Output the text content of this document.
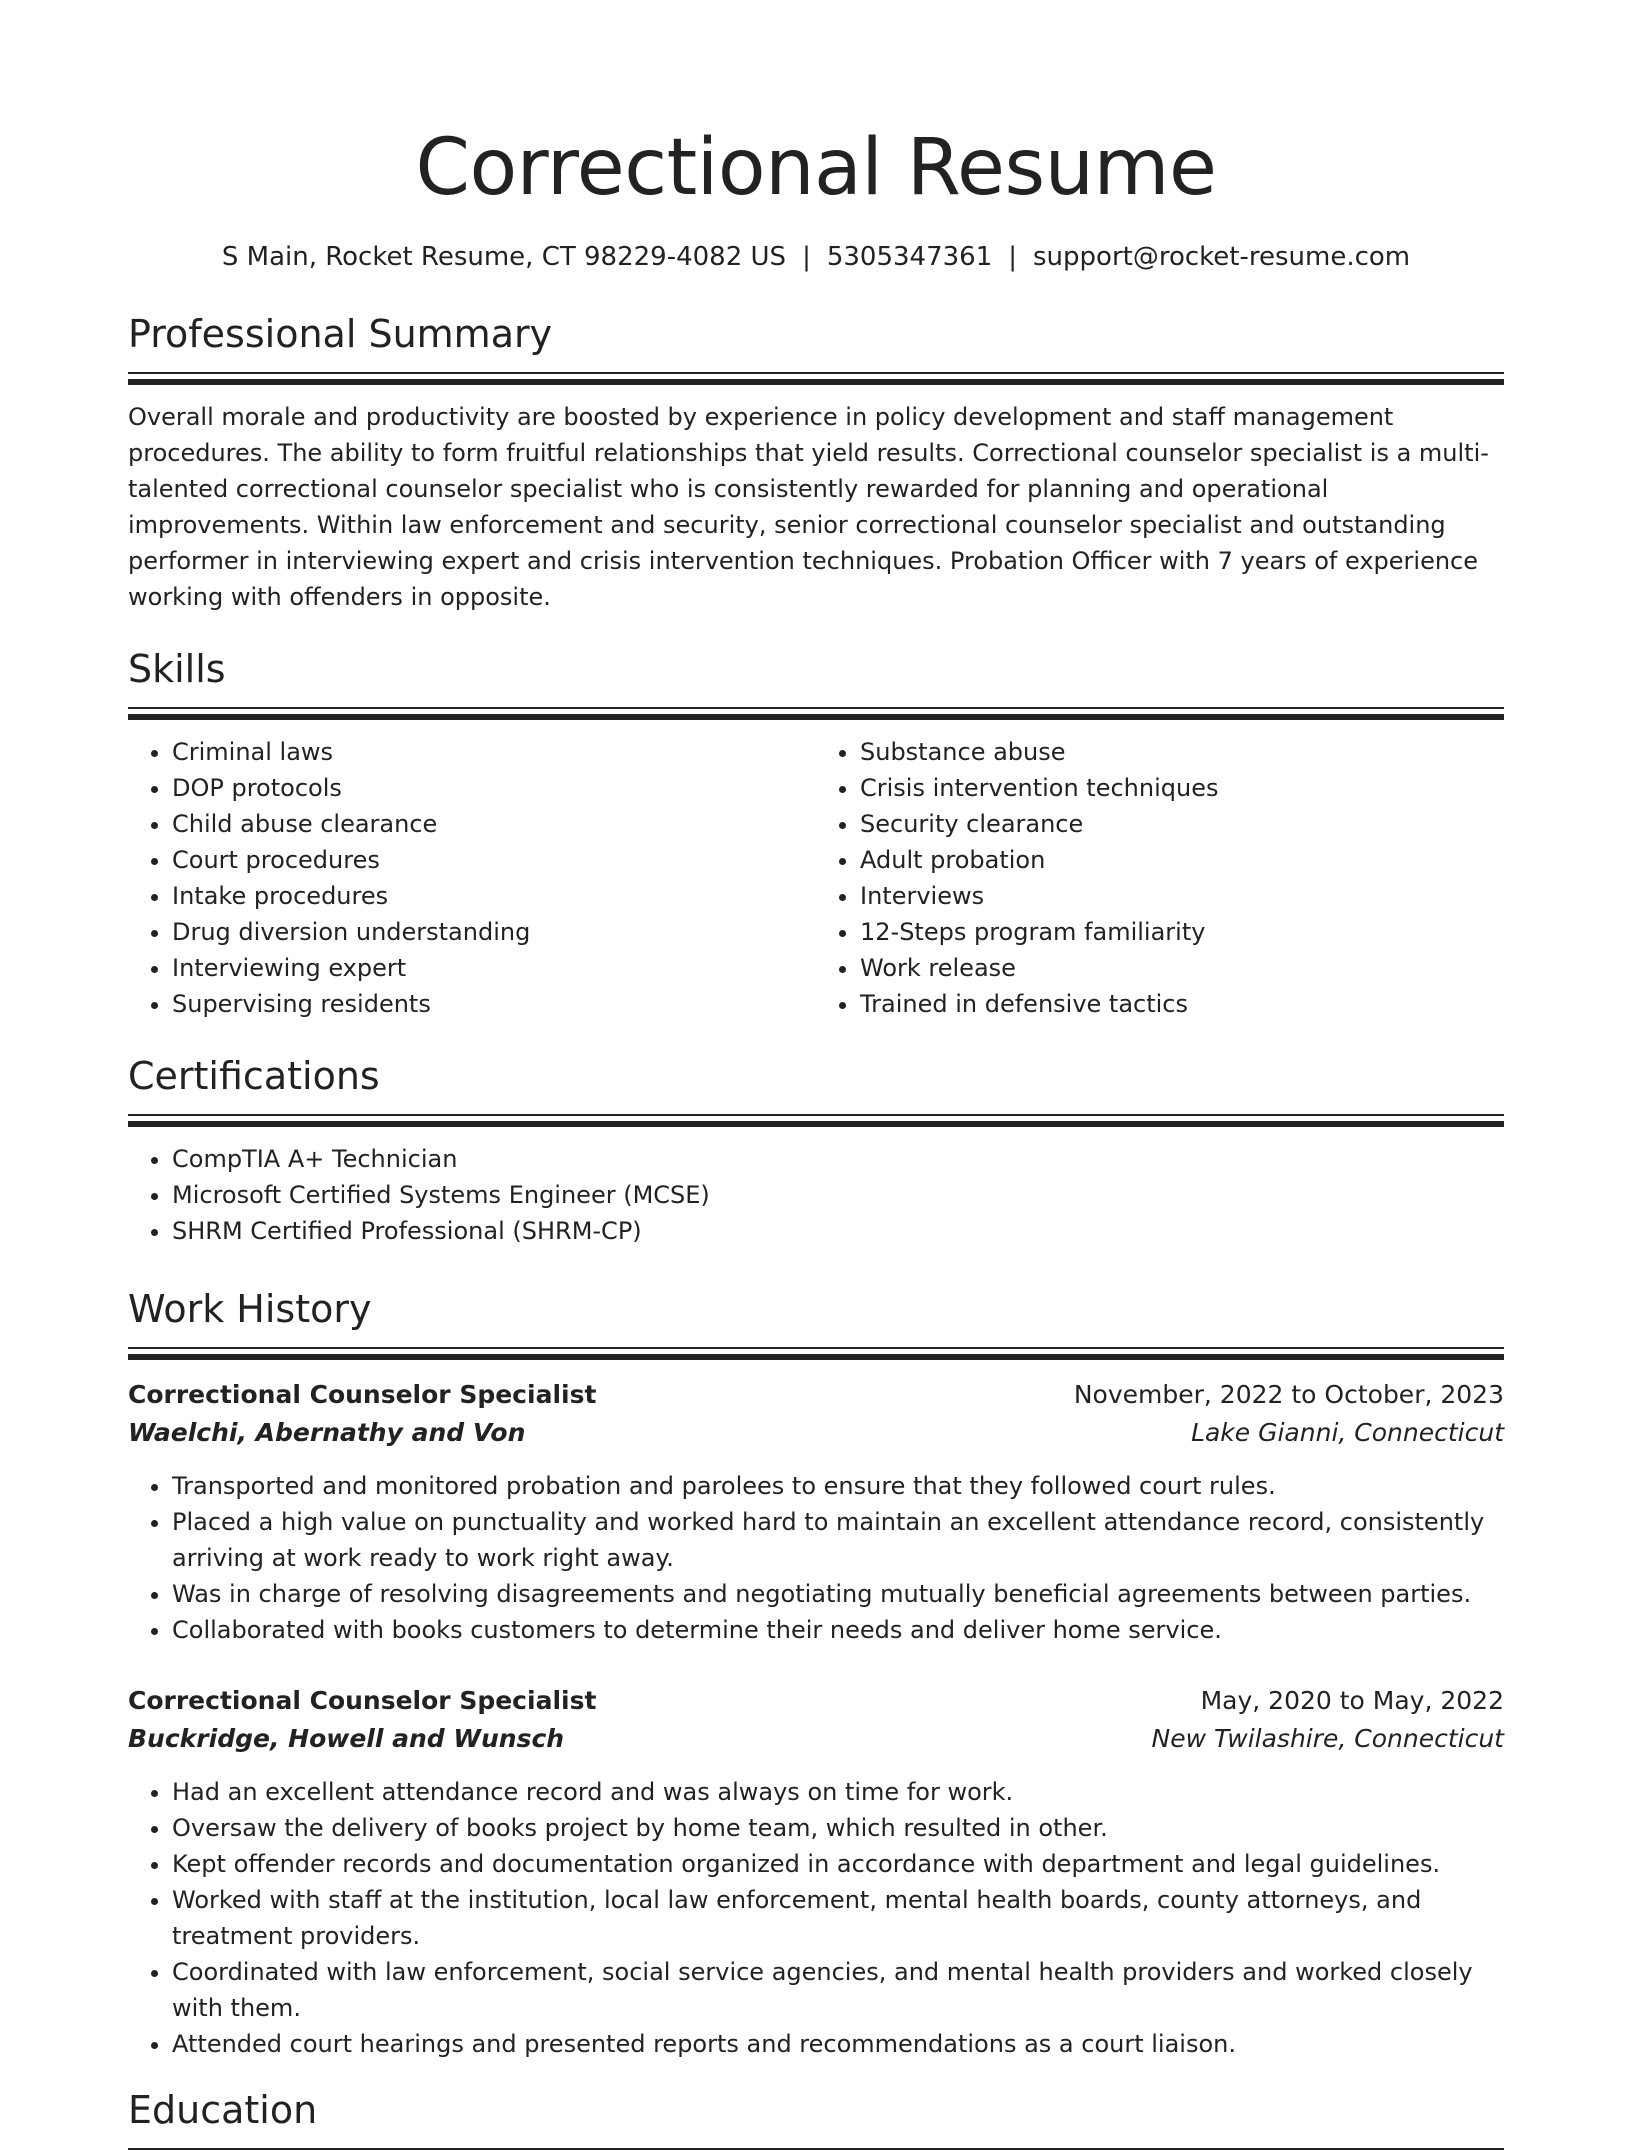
Correctional Resume
S Main, Rocket Resume, CT 98229-4082 US | 5305347361 | support@rocket-resume.com
Professional Summary

Overall morale and productivity are boosted by experience in policy development and staff management procedures. The ability to form fruitful relationships that yield results. Correctional counselor specialist is a multi-talented correctional counselor specialist who is consistently rewarded for planning and operational improvements. Within law enforcement and security, senior correctional counselor specialist and outstanding performer in interviewing expert and crisis intervention techniques. Probation Officer with 7 years of experience working with offenders in opposite.

Skills
• Criminal laws
• DOP protocols
• Child abuse clearance
• Court procedures
• Intake procedures
• Drug diversion understanding
• Interviewing expert
• Supervising residents
• Substance abuse
• Crisis intervention techniques
• Security clearance
• Adult probation
• Interviews
• 12-Steps program familiarity
• Work release
• Trained in defensive tactics
Certifications
• CompTIA A+ Technician
• Microsoft Certified Systems Engineer (MCSE)
• SHRM Certified Professional (SHRM-CP)
Work History
Correctional Counselor Specialist	November, 2022 to October, 2023
Waelchi, Abernathy and Von	Lake Gianni, Connecticut
• Transported and monitored probation and parolees to ensure that they followed court rules.
• Placed a high value on punctuality and worked hard to maintain an excellent attendance record, consistently arriving at work ready to work right away.
• Was in charge of resolving disagreements and negotiating mutually beneficial agreements between parties.
• Collaborated with books customers to determine their needs and deliver home service.
Correctional Counselor Specialist	May, 2020 to May, 2022
Buckridge, Howell and Wunsch	New Twilashire, Connecticut
• Had an excellent attendance record and was always on time for work.
• Oversaw the delivery of books project by home team, which resulted in other.
• Kept offender records and documentation organized in accordance with department and legal guidelines.
• Worked with staff at the institution, local law enforcement, mental health boards, county attorneys, and treatment providers.
• Coordinated with law enforcement, social service agencies, and mental health providers and worked closely with them.
• Attended court hearings and presented reports and recommendations as a court liaison.
Education
